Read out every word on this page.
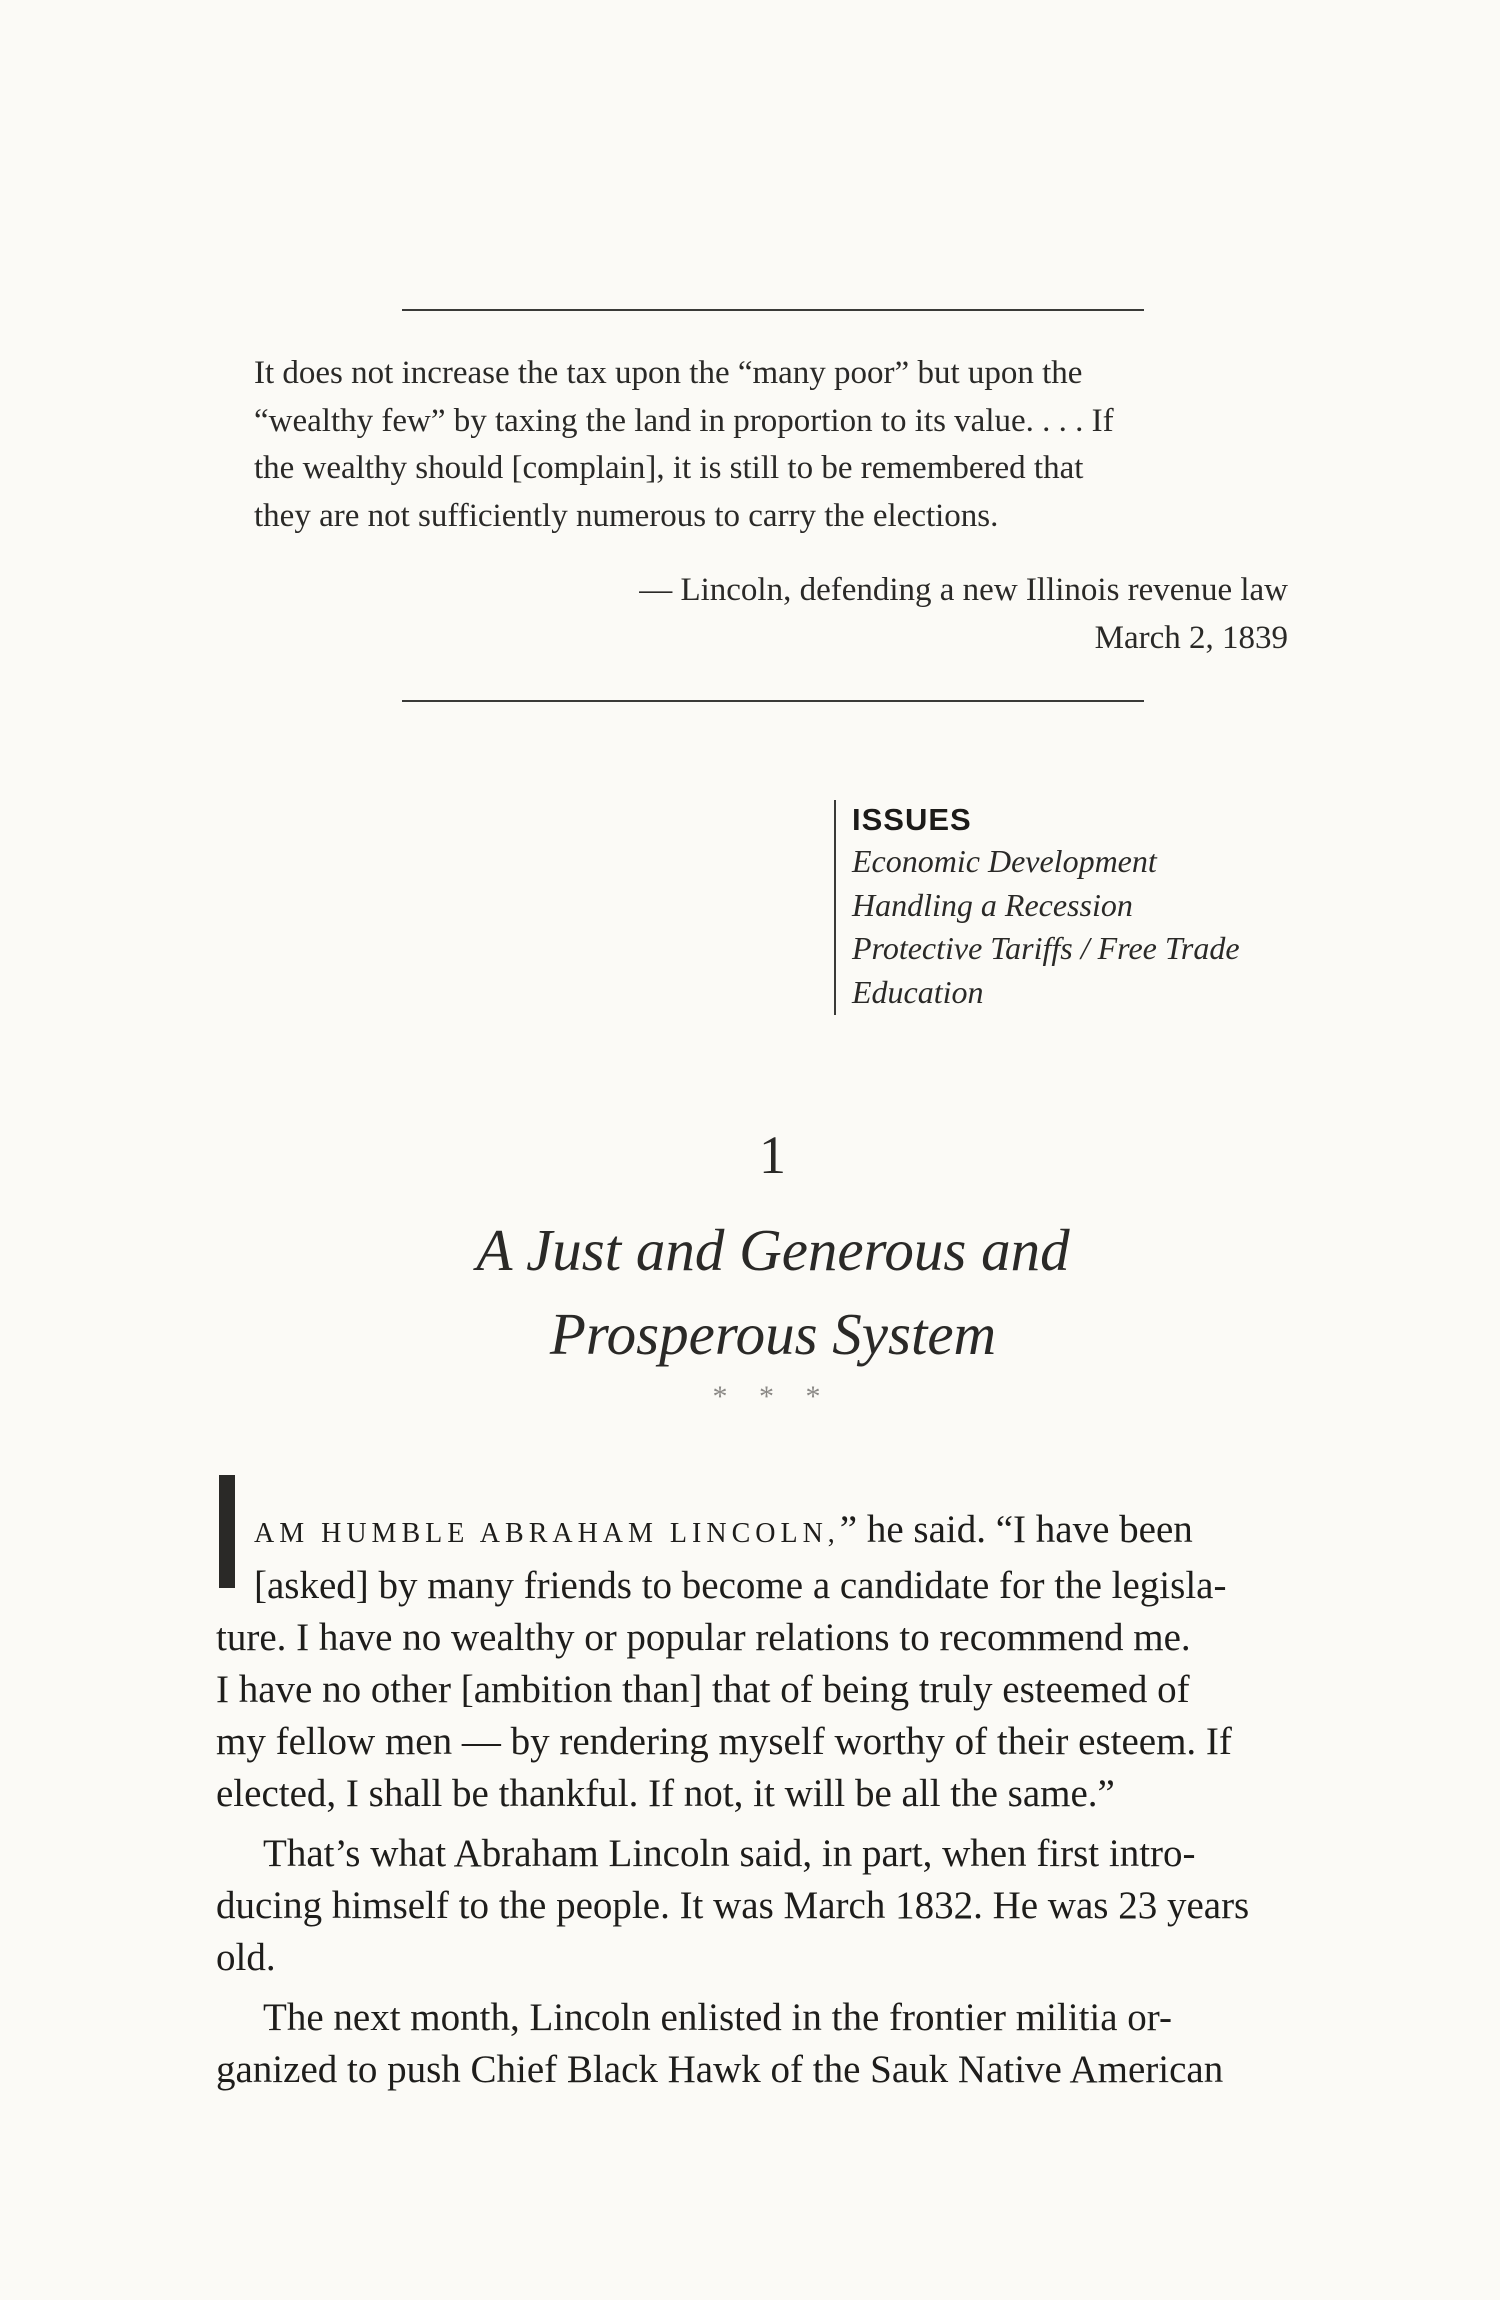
It does not increase the tax upon the “many poor” but upon the
“wealthy few” by taxing the land in proportion to its value. . . . If
the wealthy should [complain], it is still to be remembered that
they are not sufficiently numerous to carry the elections.

— Lincoln, defending a new Illinois revenue law
March 2, 1839
ISSUES
Economic Development
Handling a Recession
Protective Tariffs / Free Trade
Education
1
A Just and Generous and
Prosperous System
* * *

AM HUMBLE ABRAHAM LINCOLN,” he said. “I have been
[asked] by many friends to become a candidate for the legisla-
ture. I have no wealthy or popular relations to recommend me.
I have no other [ambition than] that of being truly esteemed of
my fellow men — by rendering myself worthy of their esteem. If
elected, I shall be thankful. If not, it will be all the same.”

That’s what Abraham Lincoln said, in part, when first intro-
ducing himself to the people. It was March 1832. He was 23 years
old.

The next month, Lincoln enlisted in the frontier militia or-
ganized to push Chief Black Hawk of the Sauk Native American
